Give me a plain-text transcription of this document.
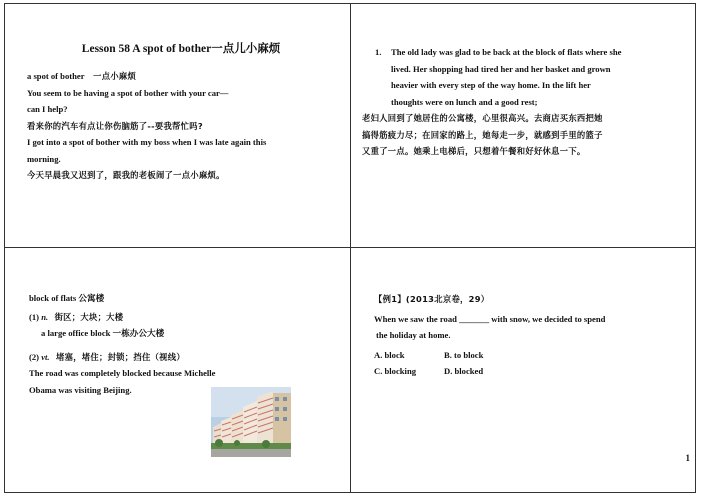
Lesson 58 A spot of bother一点儿小麻烦

a spot of bother 一点小麻烦

You seem to be having a spot of bother with your car—

can I help?

看来你的汽车有点让你伤脑筋了--要我帮忙吗?

I got into a spot of bother with my boss when I was late again this

morning.

今天早晨我又迟到了，跟我的老板闹了一点小麻烦。

1. The old lady was glad to be back at the block of flats where she

lived. Her shopping had tired her and her basket and grown

heavier with every step of the way home. In the lift her

thoughts were on lunch and a good rest;

老妇人回到了她居住的公寓楼，心里很高兴。去商店买东西把她

搞得筋疲力尽；在回家的路上，她每走一步，就感到手里的篮子

又重了一点。她乘上电梯后，只想着午餐和好好休息一下。

block of flats 公寓楼

(1) n. 街区；大块；大楼

a large office block 一栋办公大楼

(2) vt. 堵塞，堵住；封锁；挡住（视线）

The road was completely blocked because Michelle

Obama was visiting Beijing.

【例1】(2013北京卷，29）

When we saw the road _______ with snow, we decided to spend

the holiday at home.

A. block	B. to block

C. blocking	D. blocked

1
